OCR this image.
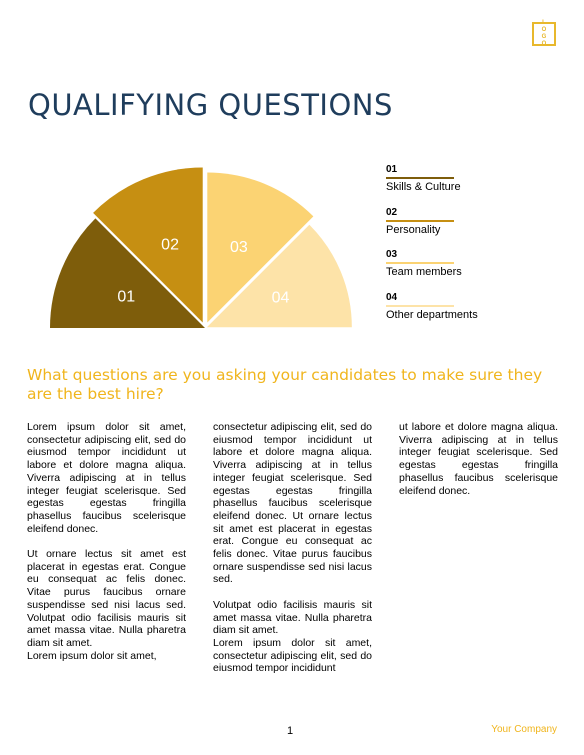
L
O
G
O
QUALIFYING QUESTIONS
01
02	03
04
01
Skills & Culture
02
Personality
03
Team members
04
Other departments
What questions are you asking your candidates to make sure they are the best hire?

Lorem ipsum dolor sit amet, consectetur adipiscing elit, sed do eiusmod tempor incididunt ut labore et dolore magna aliqua. Viverra adipiscing at in tellus integer feugiat scelerisque. Sed egestas egestas fringilla phasellus faucibus scelerisque eleifend donec.

Ut ornare lectus sit amet est placerat in egestas erat. Congue eu consequat ac felis donec. Vitae purus faucibus ornare suspendisse sed nisi lacus sed. Volutpat odio facilisis mauris sit amet massa vitae. Nulla pharetra diam sit amet.

Lorem ipsum dolor sit amet,

consectetur adipiscing elit, sed do eiusmod tempor incididunt ut labore et dolore magna aliqua. Viverra adipiscing at in tellus integer feugiat scelerisque. Sed egestas egestas fringilla phasellus faucibus scelerisque eleifend donec. Ut ornare lectus sit amet est placerat in egestas erat. Congue eu consequat ac felis donec. Vitae purus faucibus ornare suspendisse sed nisi lacus sed.

Volutpat odio facilisis mauris sit amet massa vitae. Nulla pharetra diam sit amet.

Lorem ipsum dolor sit amet, consectetur adipiscing elit, sed do eiusmod tempor incididunt

ut labore et dolore magna aliqua. Viverra adipiscing at in tellus integer feugiat scelerisque. Sed egestas egestas fringilla phasellus faucibus scelerisque eleifend donec.

1	Your Company
